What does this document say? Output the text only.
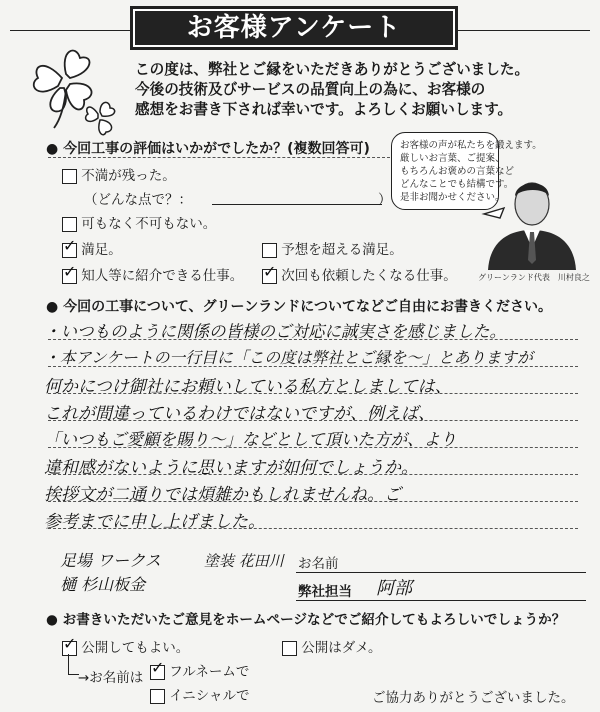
お客様アンケート
この度は、弊社とご縁をいただきありがとうございました。
今後の技術及びサービスの品質向上の為に、お客様の
感想をお書き下されば幸いです。よろしくお願いします。
● 今回工事の評価はいかがでしたか？(複数回答可)
不満が残った。
（どんな点で？：	）
可もなく不可もない。
✓ 満足。	予想を超える満足。
✓ 知人等に紹介できる仕事。 ✓ 次回も依頼したくなる仕事。
お客様の声が私たちを鍛えます。
厳しいお言葉、ご提案、
もちろんお褒めの言葉など
どんなことでも結構です。
是非お聞かせください。
グリーンランド代表　川村良之
● 今回の工事について、グリーンランドについてなどご自由にお書きください。
・いつものように関係の皆様のご対応に誠実さを感じました。
・本アンケートの一行目に「この度は弊社とご縁を～」とありますが
何かにつけ御社にお頼いしている私方としましては、
これが間違っているわけではないですが、例えば、
「いつもご愛顧を賜り～」などとして頂いた方が、より
違和感がないように思いますが如何でしょうか。
挨拶文が二通りでは煩雑かもしれませんね。ご
参考までに申し上げました。
足場 ワークス
樋 杉山板金
塗装 花田川 お名前
弊社担当 阿部
● お書きいただいたご意見をホームページなどでご紹介してもよろしいでしょうか？
✓ 公開してもよい。	公開はダメ。
→お名前は
✓ フルネームで
イニシャルで	ご協力ありがとうございました。
